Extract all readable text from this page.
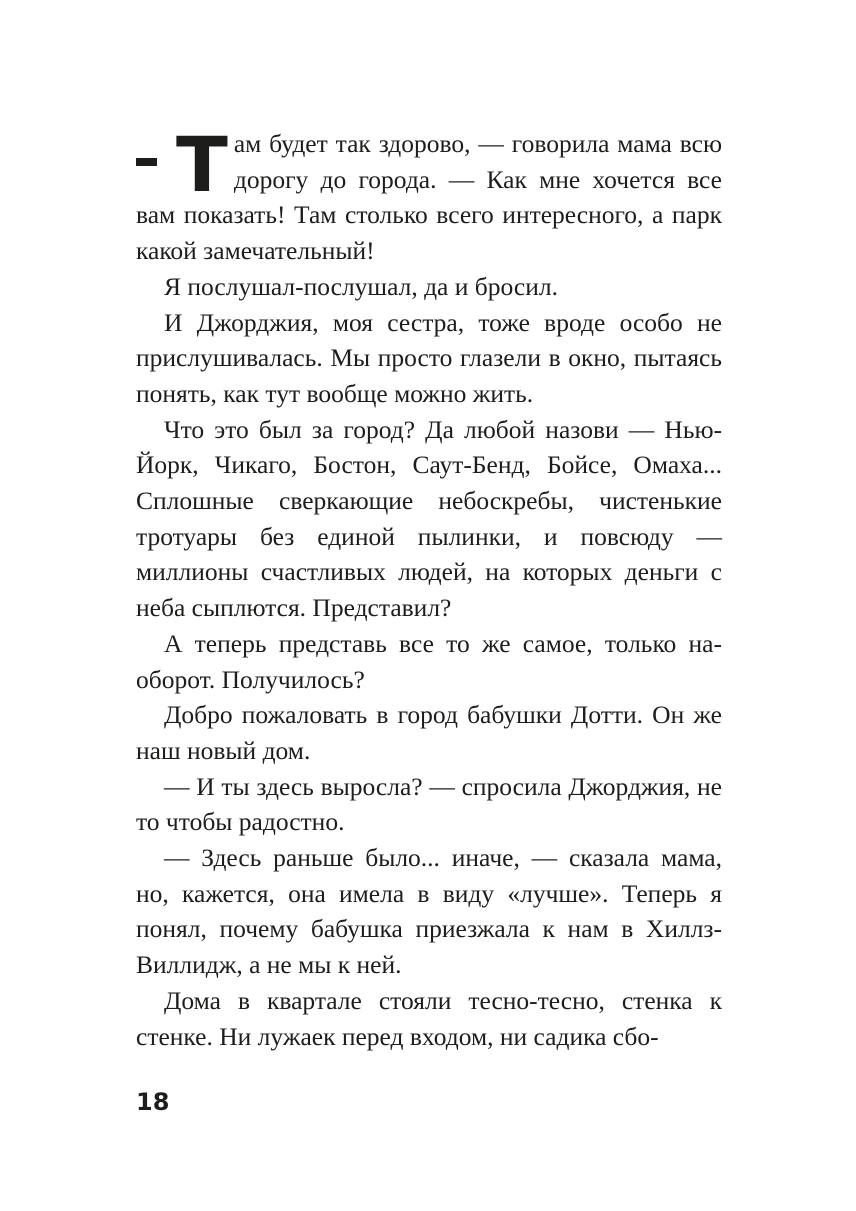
Там будет так здорово, — говорила мама всю дорогу до города. — Как мне хочется все вам показать! Там столько всего интересного, а парк какой замечательный!

Я послушал-послушал, да и бросил.

И Джорджия, моя сестра, тоже вроде особо не прислушивалась. Мы просто глазели в окно, пытаясь понять, как тут вообще можно жить.

Что это был за город? Да любой назови — Нью-Йорк, Чикаго, Бостон, Саут-Бенд, Бойсе, Омаха... Сплошные сверкающие небоскребы, чистенькие тротуары без единой пылинки, и повсюду — миллионы счастливых людей, на которых деньги с неба сыплются. Представил?

А теперь представь все то же самое, только наоборот. Получилось?

Добро пожаловать в город бабушки Дотти. Он же наш новый дом.

— И ты здесь выросла? — спросила Джорджия, не то чтобы радостно.

— Здесь раньше было... иначе, — сказала мама, но, кажется, она имела в виду «лучше». Теперь я понял, почему бабушка приезжала к нам в Хиллз-Виллидж, а не мы к ней.

Дома в квартале стояли тесно-тесно, стенка к стенке. Ни лужаек перед входом, ни садика сбо-

18
